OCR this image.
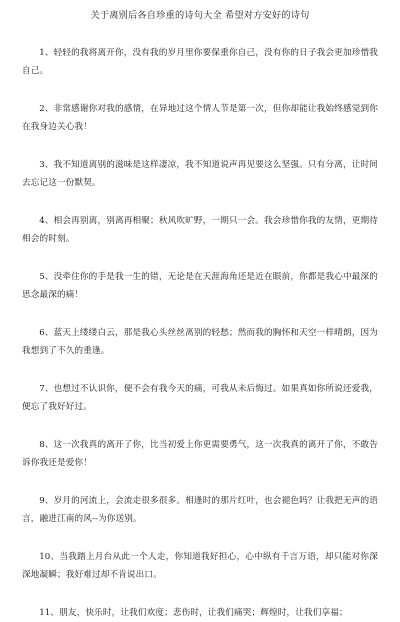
关于离别后各自珍重的诗句大全 希望对方安好的诗句

1、轻轻的我将离开你，没有我的岁月里你要保重你自己，没有你的日子我会更加珍惜我自己。

2、非常感谢你对我的感情，在异地过这个情人节是第一次，但你却能让我始终感觉到你在我身边关心我！

3、我不知道离别的滋味是这样凄凉，我不知道说声再见要这么坚强。只有分离，让时间去忘记这一份默契。

4、相会再别离，别离再相聚；秋风吹旷野，一期只一会。我会珍惜你我的友情，更期待相会的时刻。

5、没牵住你的手是我一生的错，无论是在天涯海角还是近在眼前，你都是我心中最深的思念最深的痛！

6、蓝天上缕缕白云，那是我心头丝丝离别的轻愁；然而我的胸怀和天空一样晴朗，因为我想到了不久的重逢。

7、也想过不认识你，便不会有我今天的痛，可我从未后悔过。如果真如你所说还爱我，便忘了我好好过。

8、这一次我真的离开了你，比当初爱上你更需要勇气，这一次我真的离开了你，不敢告诉你我还是爱你！

9、岁月的河流上，会流走很多很多。相逢时的那片红叶，也会褪色吗？让我把无声的语言，融进江南的风--为你送别。

10、当我踏上月台从此一个人走，你知道我好担心，心中纵有千言万语，却只能对你深深地凝瞬；我好难过却不肯说出口。

11、朋友，快乐时，让我们欢度；悲伤时，让我们痛哭；辉煌时，让我们享福；
